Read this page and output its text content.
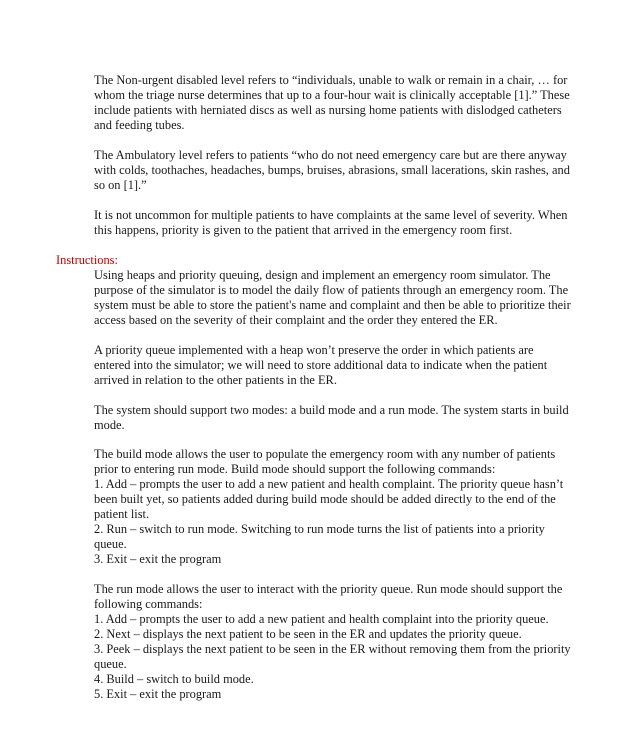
The Non-urgent disabled level refers to “individuals, unable to walk or remain in a chair, … for
whom the triage nurse determines that up to a four-hour wait is clinically acceptable [1].” These
include patients with herniated discs as well as nursing home patients with dislodged catheters
and feeding tubes.

The Ambulatory level refers to patients “who do not need emergency care but are there anyway
with colds, toothaches, headaches, bumps, bruises, abrasions, small lacerations, skin rashes, and
so on [1].”

It is not uncommon for multiple patients to have complaints at the same level of severity. When
this happens, priority is given to the patient that arrived in the emergency room first.

Instructions:

Using heaps and priority queuing, design and implement an emergency room simulator. The
purpose of the simulator is to model the daily flow of patients through an emergency room. The
system must be able to store the patient's name and complaint and then be able to prioritize their
access based on the severity of their complaint and the order they entered the ER.

A priority queue implemented with a heap won’t preserve the order in which patients are
entered into the simulator; we will need to store additional data to indicate when the patient
arrived in relation to the other patients in the ER.

The system should support two modes: a build mode and a run mode. The system starts in build
mode.

The build mode allows the user to populate the emergency room with any number of patients
prior to entering run mode. Build mode should support the following commands:
1. Add – prompts the user to add a new patient and health complaint. The priority queue hasn’t
been built yet, so patients added during build mode should be added directly to the end of the
patient list.
2. Run – switch to run mode. Switching to run mode turns the list of patients into a priority
queue.
3. Exit – exit the program

The run mode allows the user to interact with the priority queue. Run mode should support the
following commands:
1. Add – prompts the user to add a new patient and health complaint into the priority queue.
2. Next – displays the next patient to be seen in the ER and updates the priority queue.
3. Peek – displays the next patient to be seen in the ER without removing them from the priority
queue.
4. Build – switch to build mode.
5. Exit – exit the program
